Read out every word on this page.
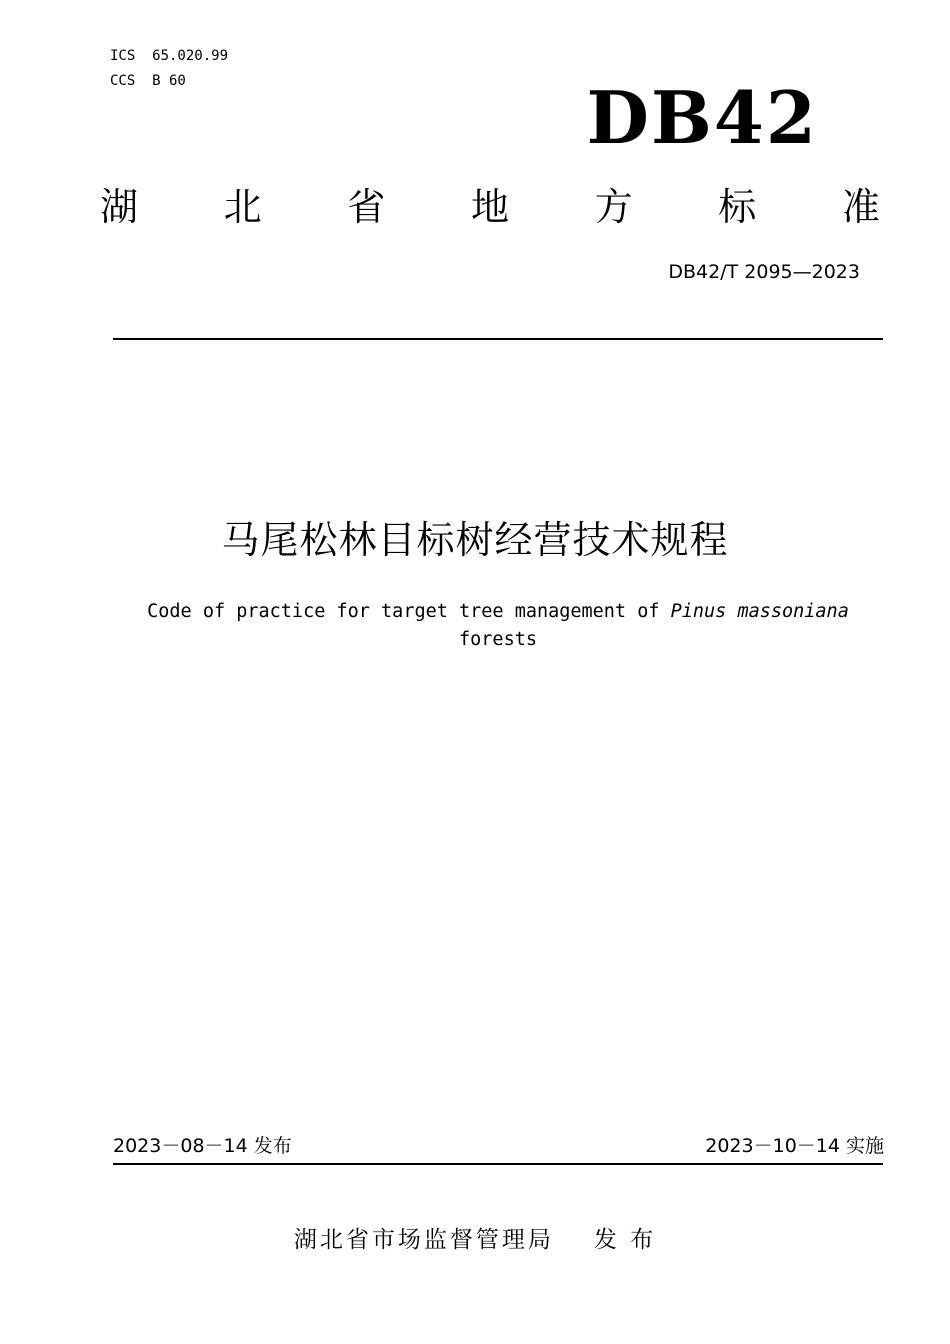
ICS  65.020.99
CCS  B 60	DB42
湖 北 省 地 方 标 准
DB42/T 2095—2023
马尾松林目标树经营技术规程
Code of practice for target tree management of Pinus massoniana
forests
2023－08－14 发布	2023－10－14 实施
湖北省市场监督管理局 发 布
